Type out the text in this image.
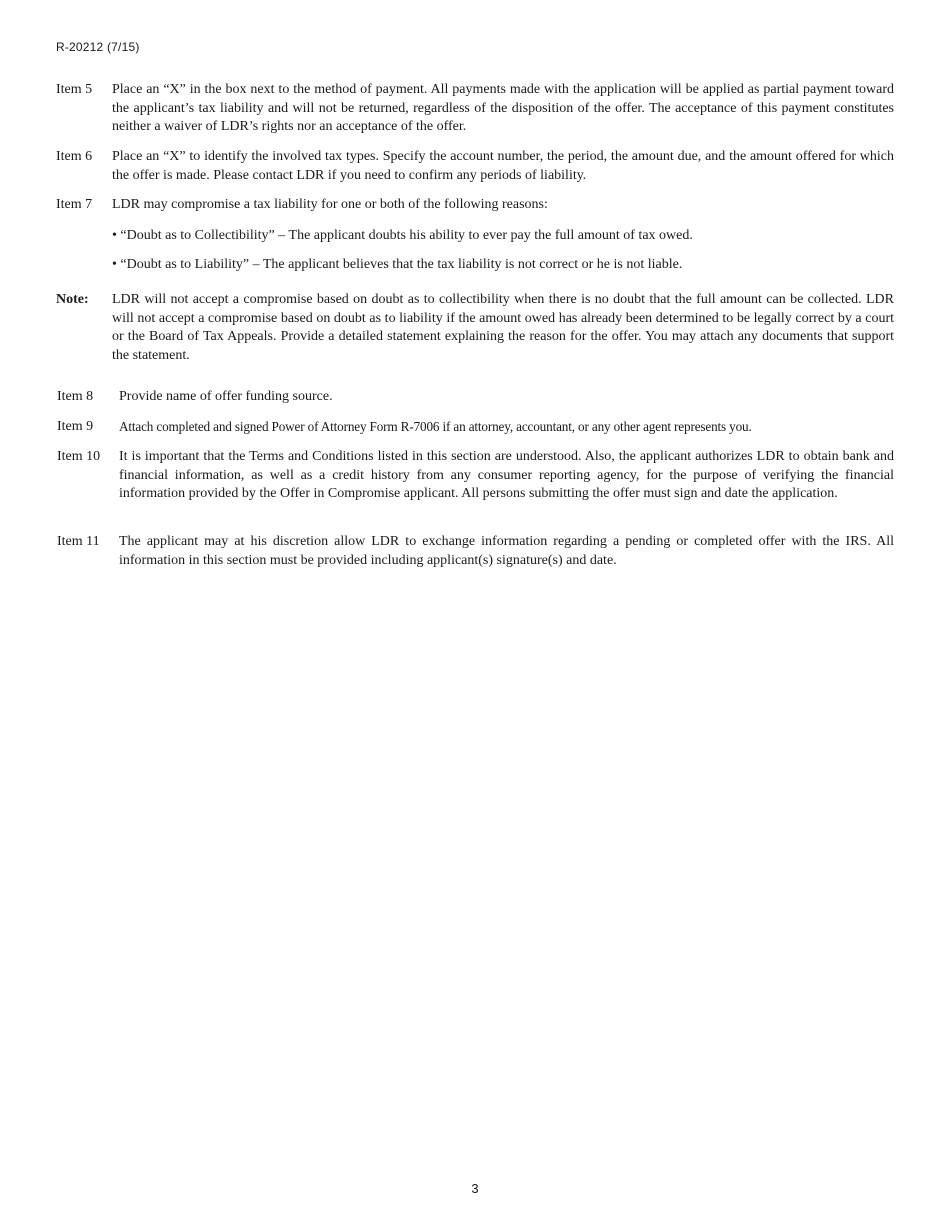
R-20212 (7/15)
Item 5	Place an “X” in the box next to the method of payment. All payments made with the application will be applied as partial payment toward the applicant’s tax liability and will not be returned, regardless of the disposition of the offer. The acceptance of this payment constitutes neither a waiver of LDR’s rights nor an acceptance of the offer.
Item 6	Place an “X” to identify the involved tax types. Specify the account number, the period, the amount due, and the amount offered for which the offer is made. Please contact LDR if you need to confirm any periods of liability.
Item 7	LDR may compromise a tax liability for one or both of the following reasons:
• “Doubt as to Collectibility” – The applicant doubts his ability to ever pay the full amount of tax owed.
• “Doubt as to Liability” – The applicant believes that the tax liability is not correct or he is not liable.
Note:	LDR will not accept a compromise based on doubt as to collectibility when there is no doubt that the full amount can be collected. LDR will not accept a compromise based on doubt as to liability if the amount owed has already been determined to be legally correct by a court or the Board of Tax Appeals. Provide a detailed statement explaining the reason for the offer. You may attach any documents that support the statement.
Item 8	Provide name of offer funding source.
Item 9	Attach completed and signed Power of Attorney Form R-7006 if an attorney, accountant, or any other agent represents you.
Item 10	It is important that the Terms and Conditions listed in this section are understood. Also, the applicant authorizes LDR to obtain bank and financial information, as well as a credit history from any consumer reporting agency, for the purpose of verifying the financial information provided by the Offer in Compromise applicant. All persons submitting the offer must sign and date the application.
Item 11	The applicant may at his discretion allow LDR to exchange information regarding a pending or completed offer with the IRS. All information in this section must be provided including applicant(s) signature(s) and date.
3
